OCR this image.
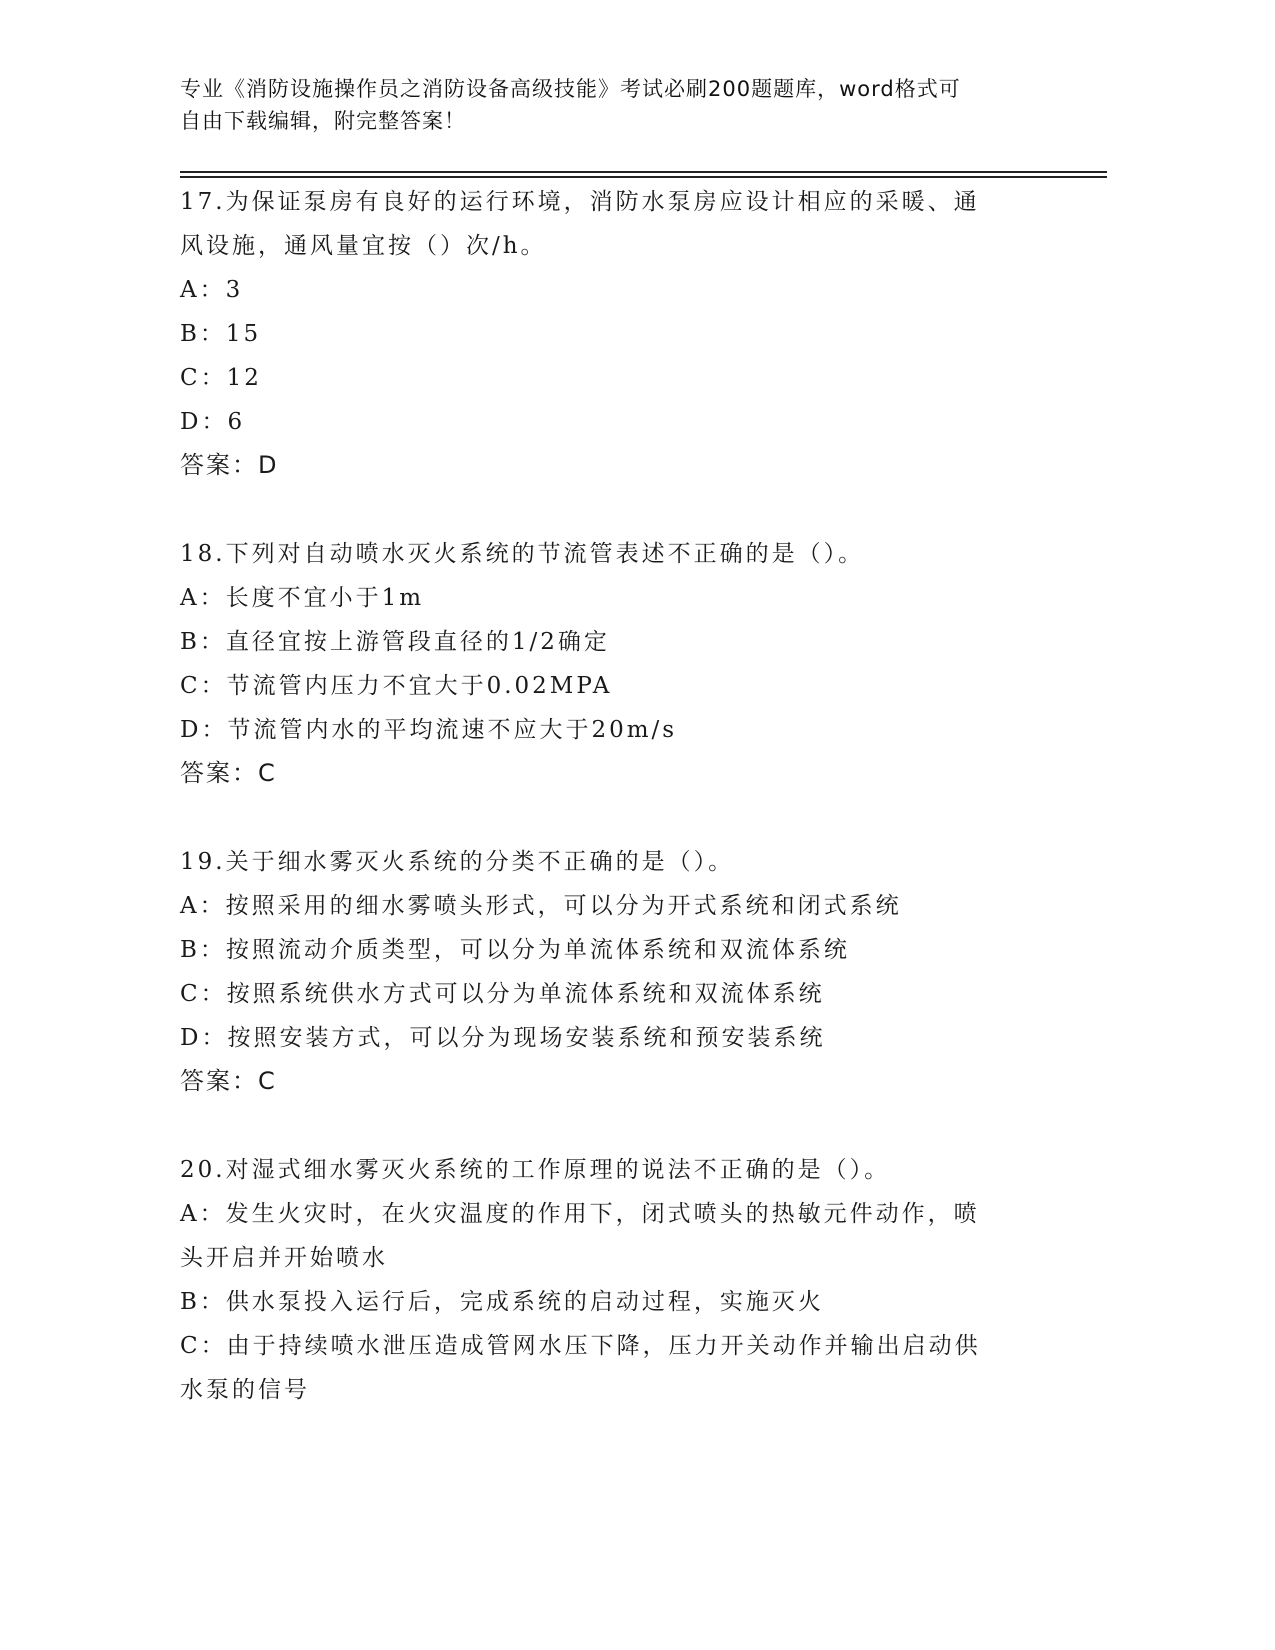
专业《消防设施操作员之消防设备高级技能》考试必刷200题题库，word格式可
自由下载编辑，附完整答案！
17.为保证泵房有良好的运行环境，消防水泵房应设计相应的采暖、通
风设施，通风量宜按（）次/h。
A：3
B：15
C：12
D：6
答案：D
18.下列对自动喷水灭火系统的节流管表述不正确的是（）。
A：长度不宜小于1m
B：直径宜按上游管段直径的1/2确定
C：节流管内压力不宜大于0.02MPA
D：节流管内水的平均流速不应大于20m/s
答案：C
19.关于细水雾灭火系统的分类不正确的是（）。
A：按照采用的细水雾喷头形式，可以分为开式系统和闭式系统
B：按照流动介质类型，可以分为单流体系统和双流体系统
C：按照系统供水方式可以分为单流体系统和双流体系统
D：按照安装方式，可以分为现场安装系统和预安装系统
答案：C
20.对湿式细水雾灭火系统的工作原理的说法不正确的是（）。
A：发生火灾时，在火灾温度的作用下，闭式喷头的热敏元件动作，喷
头开启并开始喷水
B：供水泵投入运行后，完成系统的启动过程，实施灭火
C：由于持续喷水泄压造成管网水压下降，压力开关动作并输出启动供
水泵的信号
